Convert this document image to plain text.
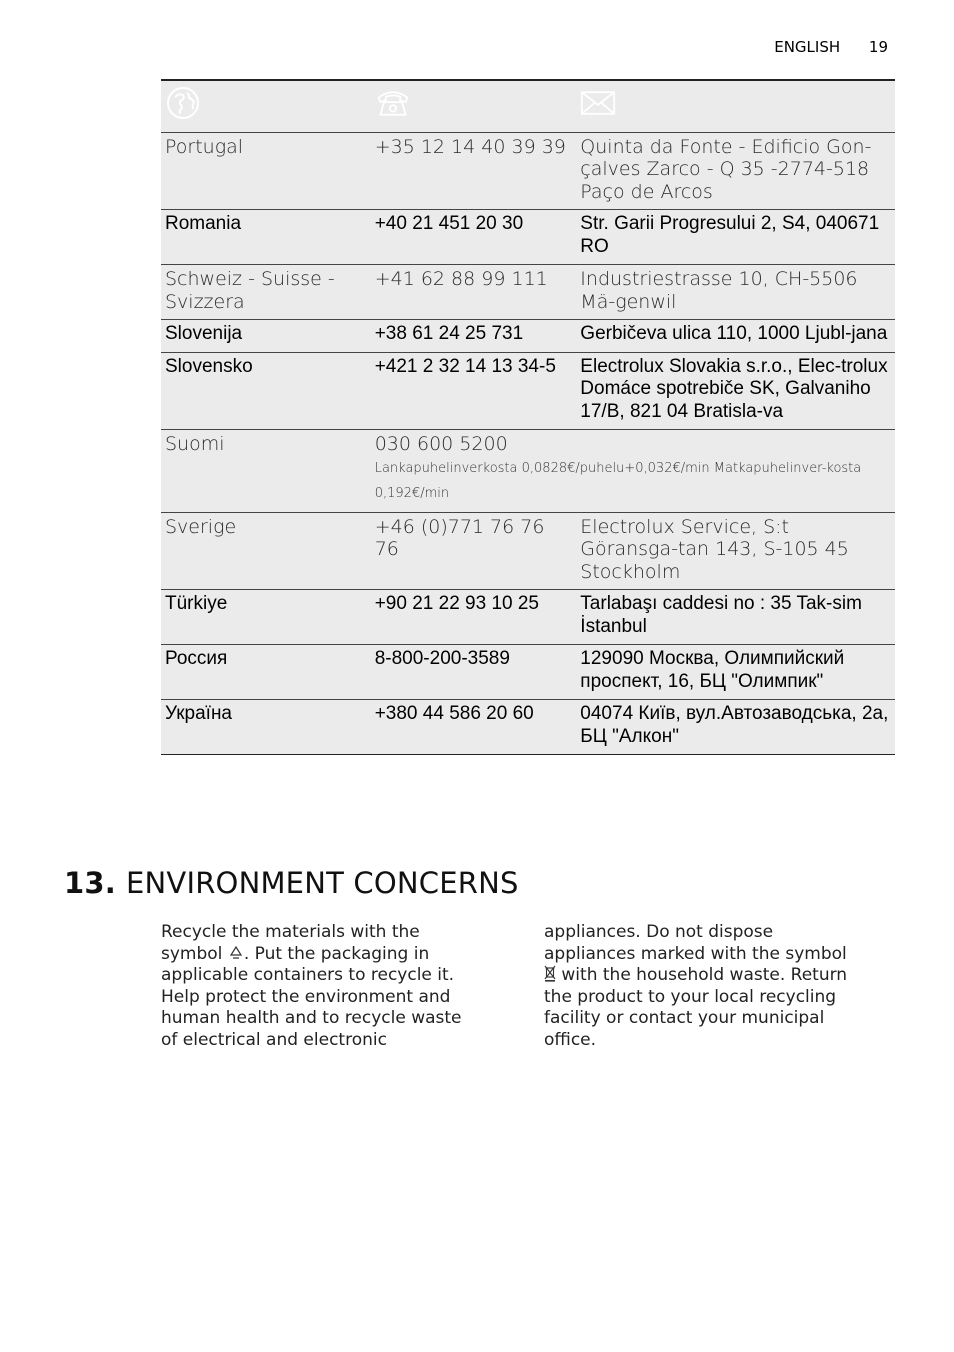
ENGLISH 19

Portugal	+35 12 14 40 39 39	Quinta da Fonte - Edificio Gon-çalves Zarco - Q 35 -2774-518 Paço de Arcos
Romania	+40 21 451 20 30	Str. Garii Progresului 2, S4, 040671 RO
Schweiz - Suisse - Svizzera	+41 62 88 99 111	Industriestrasse 10, CH-5506 Mä-genwil
Slovenija	+38 61 24 25 731	Gerbičeva ulica 110, 1000 Ljubl-jana
Slovensko	+421 2 32 14 13 34-5	Electrolux Slovakia s.r.o., Elec-trolux Domáce spotrebiče SK, Galvaniho 17/B, 821 04 Bratisla-va
Suomi	030 600 5200
Lankapuhelinverkosta 0,0828€/puhelu+0,032€/min Matkapuhelinver-kosta 0,192€/min	

Sverige	+46 (0)771 76 76 76	Electrolux Service, S:t Göransga-tan 143, S-105 45 Stockholm
Türkiye	+90 21 22 93 10 25	Tarlabaşı caddesi no : 35 Tak-sim İstanbul
Россия	8-800-200-3589	129090 Москва, Олимпийский проспект, 16, БЦ "Олимпик"
Україна	+380 44 586 20 60	04074 Київ, вул.Автозаводська, 2а, БЦ "Алкон"
13. ENVIRONMENT CONCERNS
Recycle the materials with the symbol . Put the packaging in applicable containers to recycle it. Help protect the environment and human health and to recycle waste of electrical and electronic
appliances. Do not dispose appliances marked with the symbol  with the household waste. Return the product to your local recycling facility or contact your municipal office.
